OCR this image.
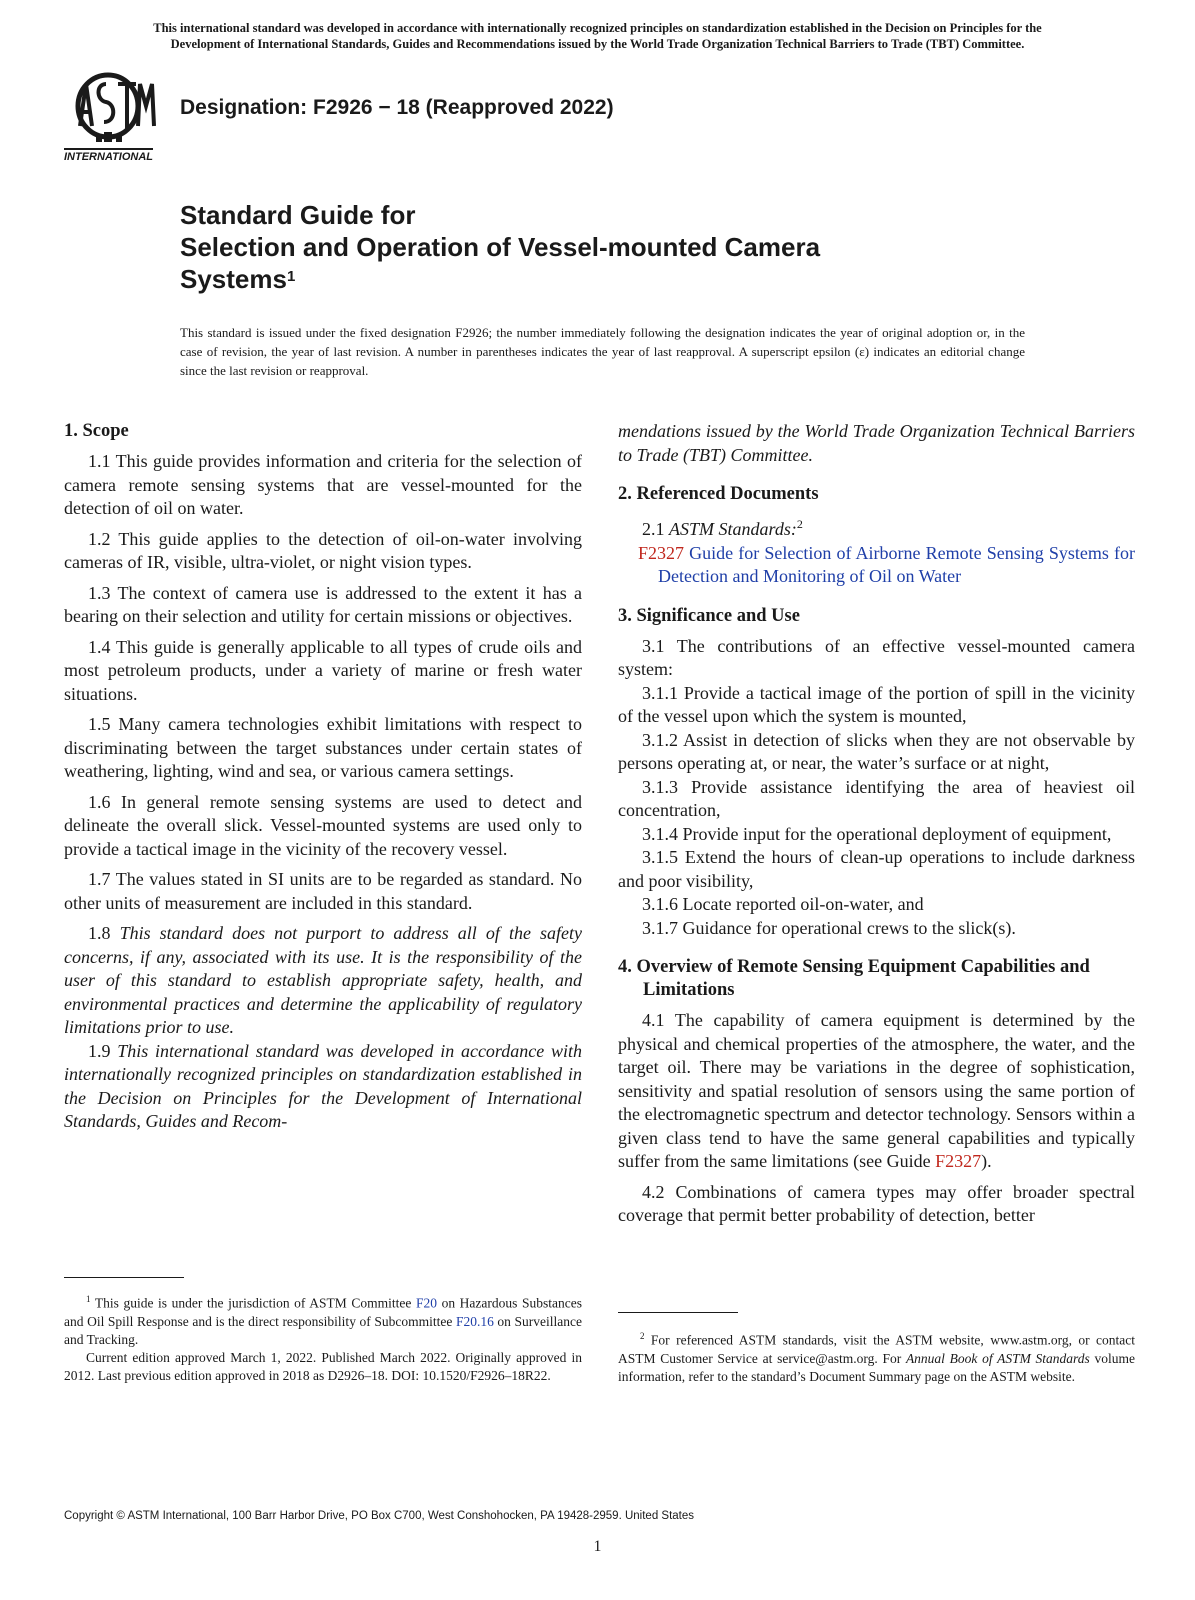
This international standard was developed in accordance with internationally recognized principles on standardization established in the Decision on Principles for the
Development of International Standards, Guides and Recommendations issued by the World Trade Organization Technical Barriers to Trade (TBT) Committee.
INTERNATIONAL
Designation: F2926 − 18 (Reapproved 2022)
Standard Guide for
Selection and Operation of Vessel-mounted Camera
Systems$^1$
This standard is issued under the fixed designation F2926; the number immediately following the designation indicates the year of original adoption or, in the case of revision, the year of last revision. A number in parentheses indicates the year of last reapproval. A superscript epsilon (ε) indicates an editorial change since the last revision or reapproval.
1. Scope

1.1 This guide provides information and criteria for the selection of camera remote sensing systems that are vessel-mounted for the detection of oil on water.

1.2 This guide applies to the detection of oil-on-water involving cameras of IR, visible, ultra-violet, or night vision types.

1.3 The context of camera use is addressed to the extent it has a bearing on their selection and utility for certain missions or objectives.

1.4 This guide is generally applicable to all types of crude oils and most petroleum products, under a variety of marine or fresh water situations.

1.5 Many camera technologies exhibit limitations with respect to discriminating between the target substances under certain states of weathering, lighting, wind and sea, or various camera settings.

1.6 In general remote sensing systems are used to detect and delineate the overall slick. Vessel-mounted systems are used only to provide a tactical image in the vicinity of the recovery vessel.

1.7 The values stated in SI units are to be regarded as standard. No other units of measurement are included in this standard.

1.8 This standard does not purport to address all of the safety concerns, if any, associated with its use. It is the responsibility of the user of this standard to establish appropriate safety, health, and environmental practices and determine the applicability of regulatory limitations prior to use.

1.9 This international standard was developed in accordance with internationally recognized principles on standardization established in the Decision on Principles for the Development of International Standards, Guides and Recom-

$^1$ This guide is under the jurisdiction of ASTM Committee F20 on Hazardous Substances and Oil Spill Response and is the direct responsibility of Subcommittee F20.16 on Surveillance and Tracking.
Current edition approved March 1, 2022. Published March 2022. Originally approved in 2012. Last previous edition approved in 2018 as D2926–18. DOI: 10.1520/F2926–18R22.

mendations issued by the World Trade Organization Technical Barriers to Trade (TBT) Committee.

2. Referenced Documents

2.1 ASTM Standards:$^2$

F2327 Guide for Selection of Airborne Remote Sensing Systems for Detection and Monitoring of Oil on Water

3. Significance and Use

3.1 The contributions of an effective vessel-mounted camera system:

3.1.1 Provide a tactical image of the portion of spill in the vicinity of the vessel upon which the system is mounted,

3.1.2 Assist in detection of slicks when they are not observable by persons operating at, or near, the water’s surface or at night,

3.1.3 Provide assistance identifying the area of heaviest oil concentration,

3.1.4 Provide input for the operational deployment of equipment,

3.1.5 Extend the hours of clean-up operations to include darkness and poor visibility,

3.1.6 Locate reported oil-on-water, and

3.1.7 Guidance for operational crews to the slick(s).

4. Overview of Remote Sensing Equipment Capabilities and Limitations

4.1 The capability of camera equipment is determined by the physical and chemical properties of the atmosphere, the water, and the target oil. There may be variations in the degree of sophistication, sensitivity and spatial resolution of sensors using the same portion of the electromagnetic spectrum and detector technology. Sensors within a given class tend to have the same general capabilities and typically suffer from the same limitations (see Guide F2327).

4.2 Combinations of camera types may offer broader spectral coverage that permit better probability of detection, better

$^2$ For referenced ASTM standards, visit the ASTM website, www.astm.org, or contact ASTM Customer Service at service@astm.org. For Annual Book of ASTM Standards volume information, refer to the standard’s Document Summary page on the ASTM website.
Copyright © ASTM International, 100 Barr Harbor Drive, PO Box C700, West Conshohocken, PA 19428-2959. United States
1
